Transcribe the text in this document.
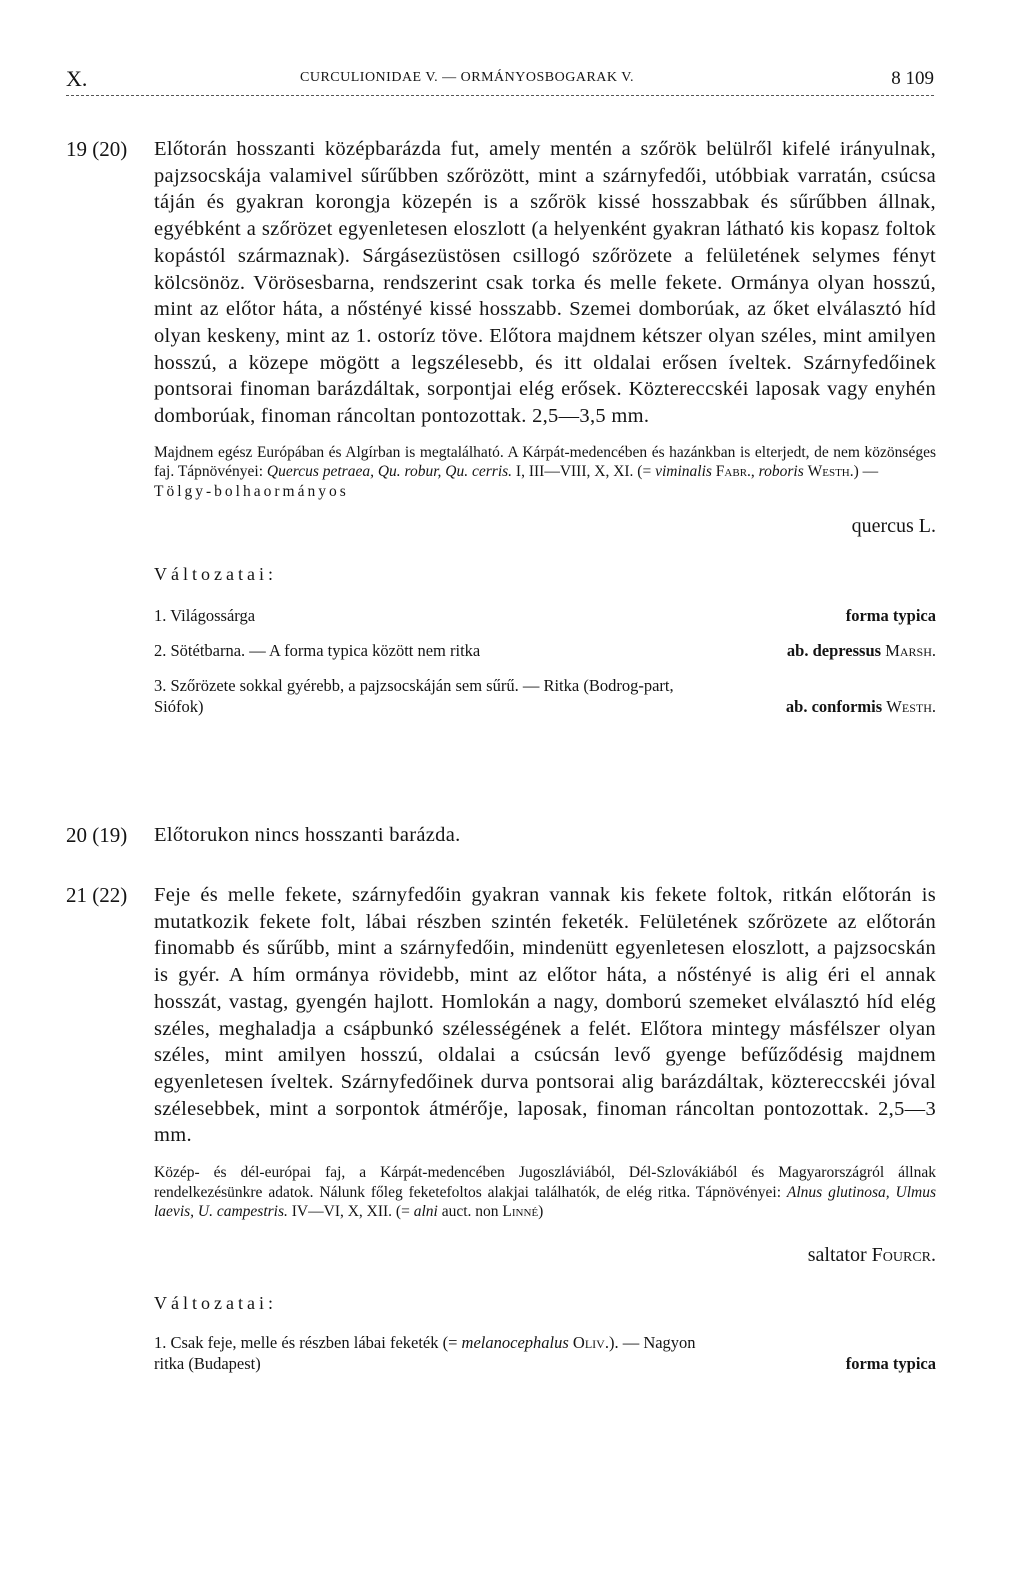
X.	CURCULIONIDAE V. — ORMÁNYOSBOGARAK V.	8 109
19 (20)	Előtorán hosszanti középbarázda fut, amely mentén a szőrök belülről kifelé irányulnak, pajzsocskája valamivel sűrűbben szőrözött, mint a szárnyfedői, utóbbiak varratán, csúcsa táján és gyakran korongja közepén is a szőrök kissé hosszabbak és sűrűbben állnak, egyébként a szőrözet egyenletesen eloszlott (a helyenként gyakran látható kis kopasz foltok kopástól származnak). Sárgásezüstösen csillogó szőrözete a felületének selymes fényt kölcsönöz. Vörösesbarna, rendszerint csak torka és melle fekete. Ormánya olyan hosszú, mint az előtor háta, a nőstényé kissé hosszabb. Szemei domborúak, az őket elválasztó híd olyan keskeny, mint az 1. ostoríz töve. Előtora majdnem kétszer olyan széles, mint amilyen hosszú, a közepe mögött a legszélesebb, és itt oldalai erősen íveltek. Szárnyfedőinek pontsorai finoman barázdáltak, sorpontjai elég erősek. Köztereccskéi laposak vagy enyhén domborúak, finoman ráncoltan pontozottak. 2,5—3,5 mm.
Majdnem egész Európában és Algírban is megtalálható. A Kárpát-medencében és hazánkban is elterjedt, de nem közönséges faj. Tápnövényei: Quercus petraea, Qu. robur, Qu. cerris. I, III—VIII, X, XI. (= viminalis Fabr., roboris Westh.) —
Tölgy-bolhaormányos
quercus L.
Változatai:
1. Világossárga	forma typica
2. Sötétbarna. — A forma typica között nem ritka	ab. depressus Marsh.
3. Szőrözete sokkal gyérebb, a pajzsocskáján sem sűrű. — Ritka (Bodrog-part,
Siófok)	ab. conformis Westh.
20 (19)	Előtorukon nincs hosszanti barázda.
21 (22)	Feje és melle fekete, szárnyfedőin gyakran vannak kis fekete foltok, ritkán előtorán is mutatkozik fekete folt, lábai részben szintén feketék. Felületének szőrözete az előtorán finomabb és sűrűbb, mint a szárnyfedőin, mindenütt egyenletesen eloszlott, a pajzsocskán is gyér. A hím ormánya rövidebb, mint az előtor háta, a nőstényé is alig éri el annak hosszát, vastag, gyengén hajlott. Homlokán a nagy, domború szemeket elválasztó híd elég széles, meghaladja a csápbunkó szélességének a felét. Előtora mintegy másfélszer olyan széles, mint amilyen hosszú, oldalai a csúcsán levő gyenge befűződésig majdnem egyenletesen íveltek. Szárnyfedőinek durva pontsorai alig barázdáltak, köztereccskéi jóval szélesebbek, mint a sorpontok átmérője, laposak, finoman ráncoltan pontozottak. 2,5—3 mm.
Közép- és dél-európai faj, a Kárpát-medencében Jugoszláviából, Dél-Szlovákiából és Magyarországról állnak rendelkezésünkre adatok. Nálunk főleg feketefoltos alakjai találhatók, de elég ritka. Tápnövényei: Alnus glutinosa, Ulmus laevis, U. campestris. IV—VI, X, XII. (= alni auct. non Linné)
saltator Fourcr.
Változatai:
1. Csak feje, melle és részben lábai feketék (= melanocephalus Oliv.). — Nagyon
ritka (Budapest)	forma typica
